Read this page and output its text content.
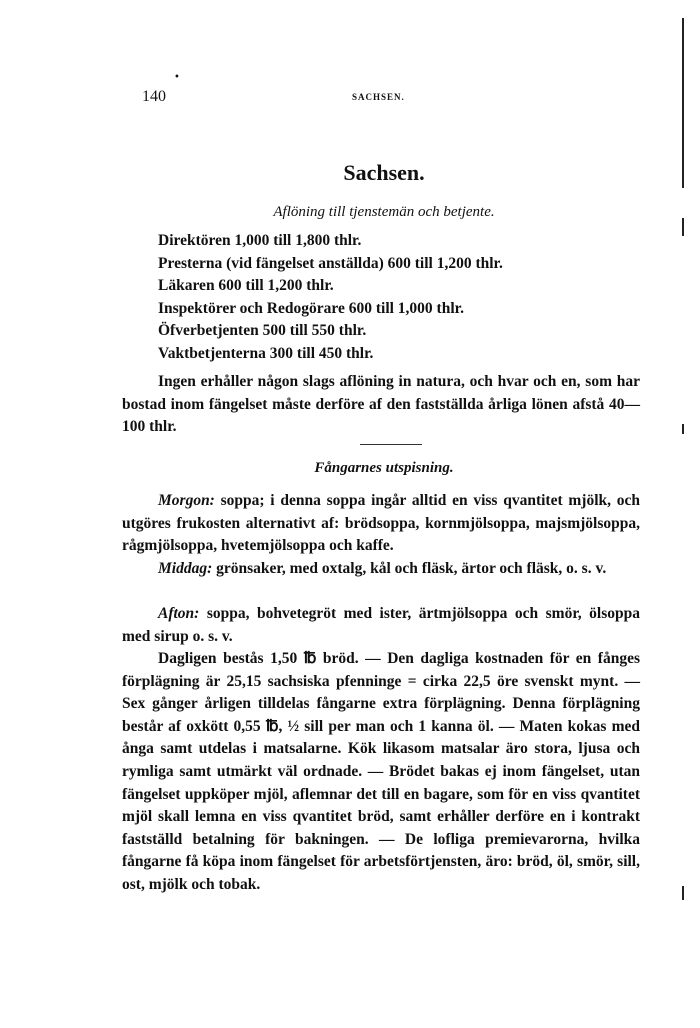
•
140	SACHSEN.
Sachsen.
Aflöning till tjenstemän och betjente.
Direktören 1,000 till 1,800 thlr.
Presterna (vid fängelset anställda) 600 till 1,200 thlr.
Läkaren 600 till 1,200 thlr.
Inspektörer och Redogörare 600 till 1,000 thlr.
Öfverbetjenten 500 till 550 thlr.
Vaktbetjenterna 300 till 450 thlr.
Ingen erhåller någon slags aflöning in natura, och hvar och en, som har bostad inom fängelset måste derföre af den fastställda årliga lönen afstå 40—100 thlr.
Fångarnes utspisning.
Morgon: soppa; i denna soppa ingår alltid en viss qvantitet mjölk, och utgöres frukosten alternativt af: brödsoppa, kornmjölsoppa, majsmjölsoppa, rågmjölsoppa, hvetemjölsoppa och kaffe.
Middag: grönsaker, med oxtalg, kål och fläsk, ärtor och fläsk, o. s. v.
Afton: soppa, bohvetegröt med ister, ärtmjölsoppa och smör, ölsoppa med sirup o. s. v.
Dagligen bestås 1,50 ℔ bröd. — Den dagliga kostnaden för en fånges förplägning är 25,15 sachsiska pfenninge = cirka 22,5 öre svenskt mynt. — Sex gånger årligen tilldelas fångarne extra förplägning. Denna förplägning består af oxkött 0,55 ℔, ½ sill per man och 1 kanna öl. — Maten kokas med ånga samt utdelas i matsalarne. Kök likasom matsalar äro stora, ljusa och rymliga samt utmärkt väl ordnade. — Brödet bakas ej inom fängelset, utan fängelset uppköper mjöl, aflemnar det till en bagare, som för en viss qvantitet mjöl skall lemna en viss qvantitet bröd, samt erhåller derföre en i kontrakt fastställd betalning för bakningen. — De lofliga premievarorna, hvilka fångarne få köpa inom fängelset för arbetsförtjensten, äro: bröd, öl, smör, sill, ost, mjölk och tobak.
